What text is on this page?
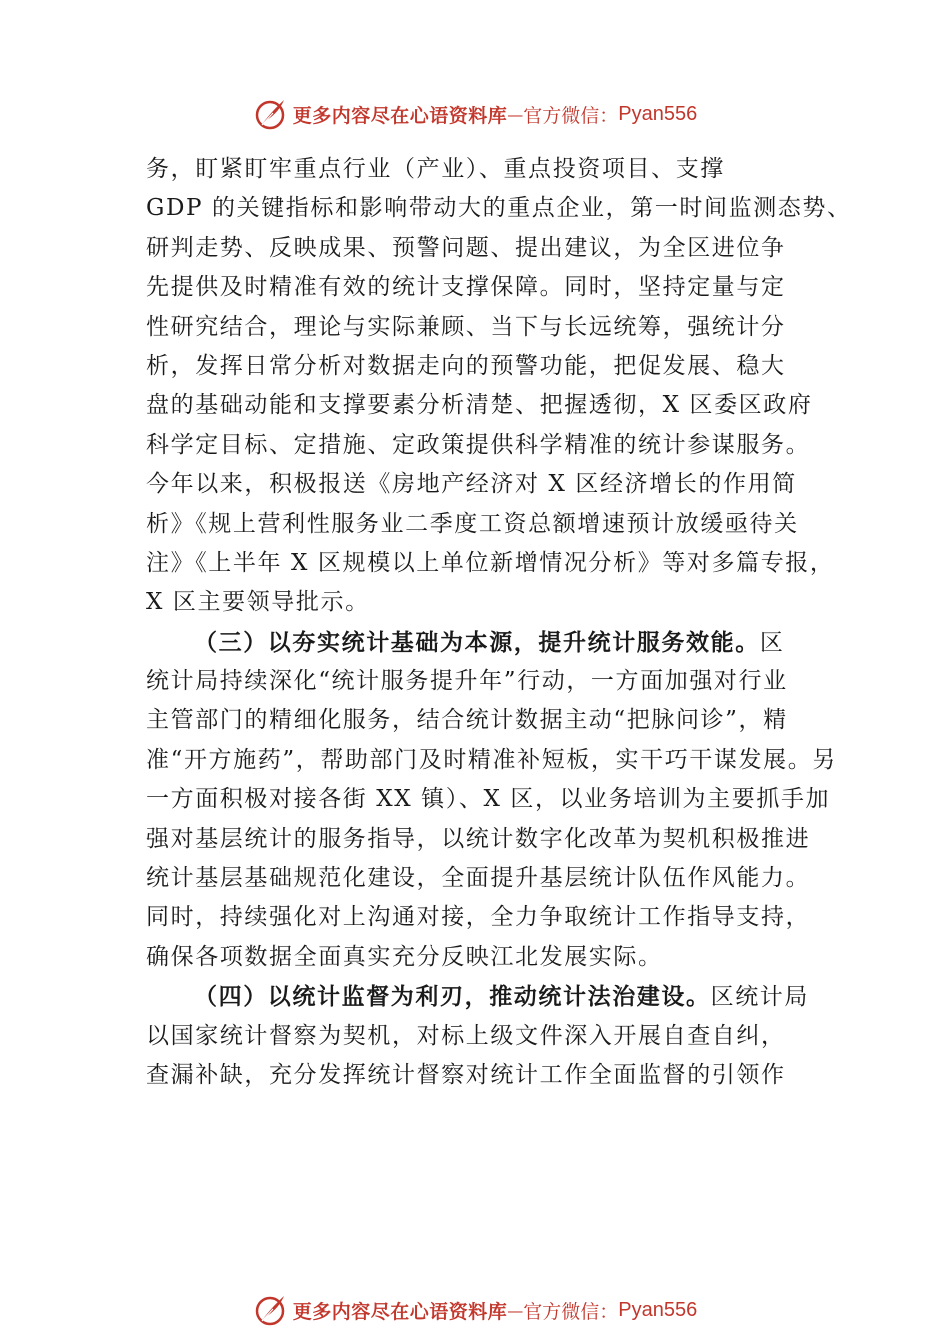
更多内容尽在心语资料库 — 官方微信： Pyan556
务，盯紧盯牢重点行业（产业）、重点投资项目、支撑
GDP 的关键指标和影响带动大的重点企业，第一时间监测态势、
研判走势、反映成果、预警问题、提出建议，为全区进位争
先提供及时精准有效的统计支撑保障。同时，坚持定量与定
性研究结合，理论与实际兼顾、当下与长远统筹，强统计分
析，发挥日常分析对数据走向的预警功能，把促发展、稳大
盘的基础动能和支撑要素分析清楚、把握透彻，X 区委区政府
科学定目标、定措施、定政策提供科学精准的统计参谋服务。
今年以来，积极报送《房地产经济对 X 区经济增长的作用简
析》《规上营利性服务业二季度工资总额增速预计放缓亟待关
注》《上半年 X 区规模以上单位新增情况分析》等对多篇专报，
X 区主要领导批示。
（三）以夯实统计基础为本源，提升统计服务效能。区
统计局持续深化“统计服务提升年”行动，一方面加强对行业
主管部门的精细化服务，结合统计数据主动“把脉问诊”，精
准“开方施药”，帮助部门及时精准补短板，实干巧干谋发展。另
一方面积极对接各街 XX 镇）、X 区，以业务培训为主要抓手加
强对基层统计的服务指导，以统计数字化改革为契机积极推进
统计基层基础规范化建设，全面提升基层统计队伍作风能力。
同时，持续强化对上沟通对接，全力争取统计工作指导支持，
确保各项数据全面真实充分反映江北发展实际。
（四）以统计监督为利刃，推动统计法治建设。区统计局
以国家统计督察为契机，对标上级文件深入开展自查自纠，
查漏补缺，充分发挥统计督察对统计工作全面监督的引领作
更多内容尽在心语资料库 — 官方微信： Pyan556
